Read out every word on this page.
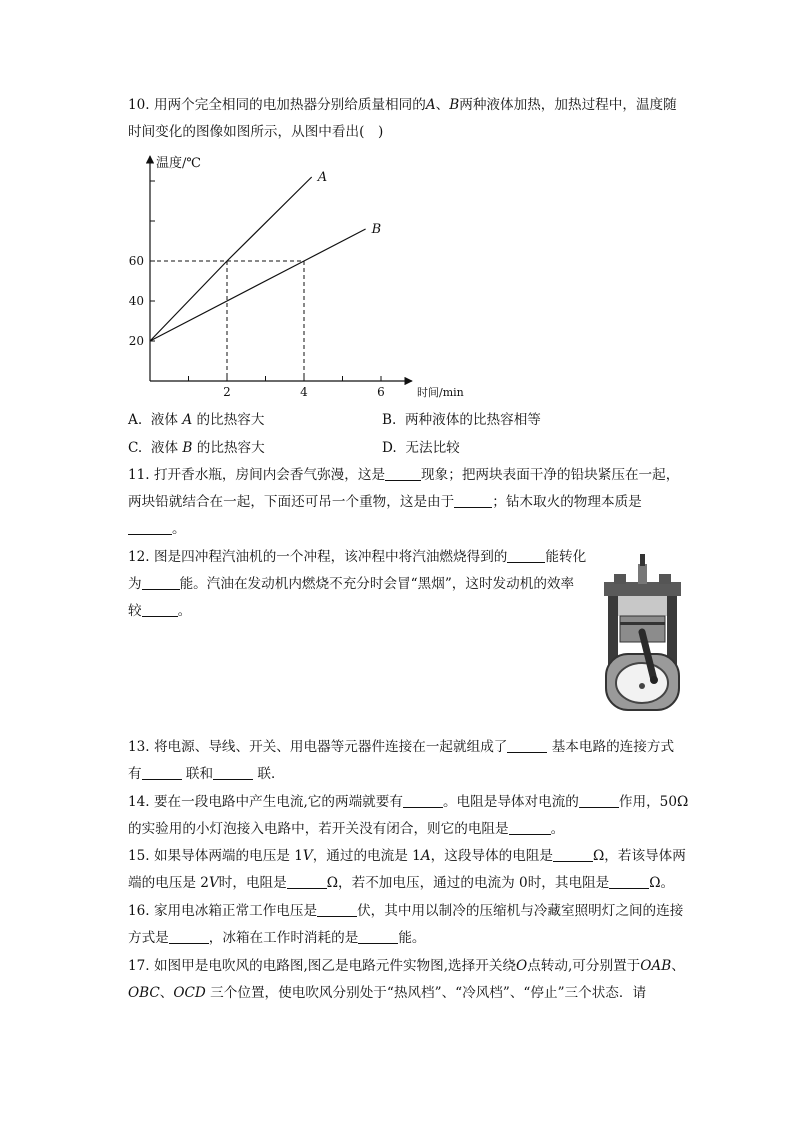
10. 用两个完全相同的电加热器分别给质量相同的A、B两种液体加热，加热过程中，温度随
时间变化的图像如图所示，从图中看出(　)
2	4	6
20
40
60
温度/℃
时间/min
A
B
A. 液体 A 的比热容大	B. 两种液体的比热容相等
C. 液体 B 的比热容大	D. 无法比较
11. 打开香水瓶，房间内会香气弥漫，这是	现象；把两块表面干净的铅块紧压在一起，
两块铅就结合在一起，下面还可吊一个重物，这是由于	；钻木取火的物理本质是
。
12. 图是四冲程汽油机的一个冲程，该冲程中将汽油燃烧得到的	能转化
为	能。汽油在发动机内燃烧不充分时会冒“黑烟”，这时发动机的效率
较	。
13. 将电源、导线、开关、用电器等元器件连接在一起就组成了	基本电路的连接方式
有	联和	联．
14. 要在一段电路中产生电流,它的两端就要有	。电阻是导体对电流的	作用，50Ω
的实验用的小灯泡接入电路中，若开关没有闭合，则它的电阻是	。
15. 如果导体两端的电压是 1V，通过的电流是 1A，这段导体的电阻是	Ω，若该导体两
端的电压是 2V时，电阻是	Ω，若不加电压，通过的电流为 0时，其电阻是	Ω。
16. 家用电冰箱正常工作电压是	伏，其中用以制冷的压缩机与冷藏室照明灯之间的连接
方式是	，冰箱在工作时消耗的是	能。
17. 如图甲是电吹风的电路图,图乙是电路元件实物图,选择开关绕O点转动,可分别置于OAB、
OBC、OCD 三个位置，使电吹风分别处于“热风档”、“冷风档”、“停止”三个状态．请
